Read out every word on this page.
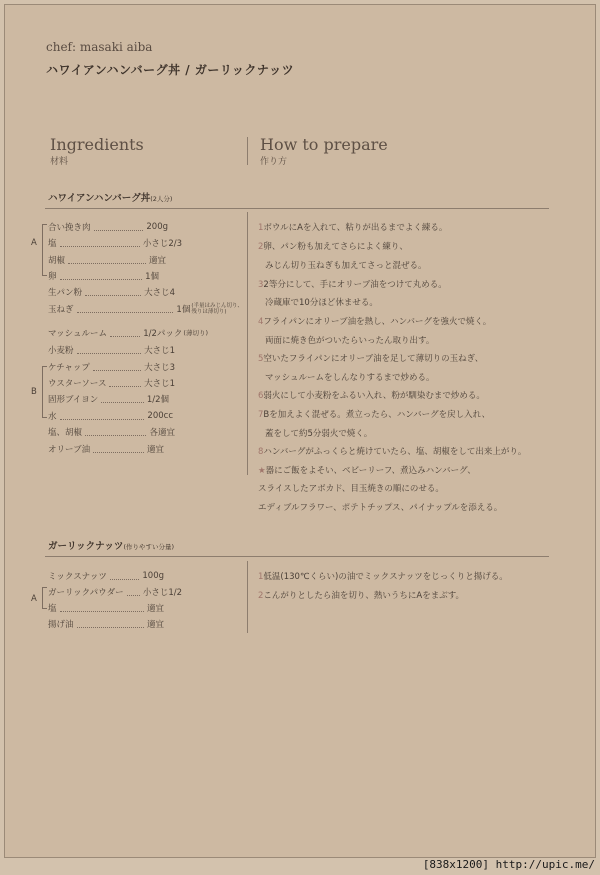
chef: masaki aiba
ハワイアンハンバーグ丼 / ガーリックナッツ
Ingredients
材料
How to prepare
作り方
ハワイアンハンバーグ丼(2人分)
A
B
合い挽き肉	200g
塩	小さじ2/3
胡椒	適宜
卵	1個
生パン粉	大さじ4
玉ねぎ	1個 (半量はみじん切り、
残りは薄切り)
マッシュルーム	1/2パック (薄切り)
小麦粉	大さじ1
ケチャップ	大さじ3
ウスターソース	大さじ1
固形ブイヨン	1/2個
水	200cc
塩、胡椒	各適宜
オリーブ油	適宜
1ボウルにAを入れて、粘りが出るまでよく練る。
2卵、パン粉も加えてさらによく練り、
みじん切り玉ねぎも加えてさっと混ぜる。
32等分にして、手にオリーブ油をつけて丸める。
冷蔵庫で10分ほど休ませる。
4フライパンにオリーブ油を熱し、ハンバーグを強火で焼く。
両面に焼き色がついたらいったん取り出す。
5空いたフライパンにオリーブ油を足して薄切りの玉ねぎ、
マッシュルームをしんなりするまで炒める。
6弱火にして小麦粉をふるい入れ、粉が馴染むまで炒める。
7Bを加えよく混ぜる。煮立ったら、ハンバーグを戻し入れ、
蓋をして約5分弱火で焼く。
8ハンバーグがふっくらと焼けていたら、塩、胡椒をして出来上がり。
★器にご飯をよそい、ベビーリーフ、煮込みハンバーグ、
スライスしたアボカド、目玉焼きの順にのせる。
エディブルフラワー、ポテトチップス、パイナップルを添える。
ガーリックナッツ(作りやすい分量)
A
ミックスナッツ	100g
ガーリックパウダー 小さじ1/2
塩	適宜
揚げ油	適宜
1低温(130℃くらい)の油でミックスナッツをじっくりと揚げる。
2こんがりとしたら油を切り、熱いうちにAをまぶす。
[838x1200] http://upic.me/
